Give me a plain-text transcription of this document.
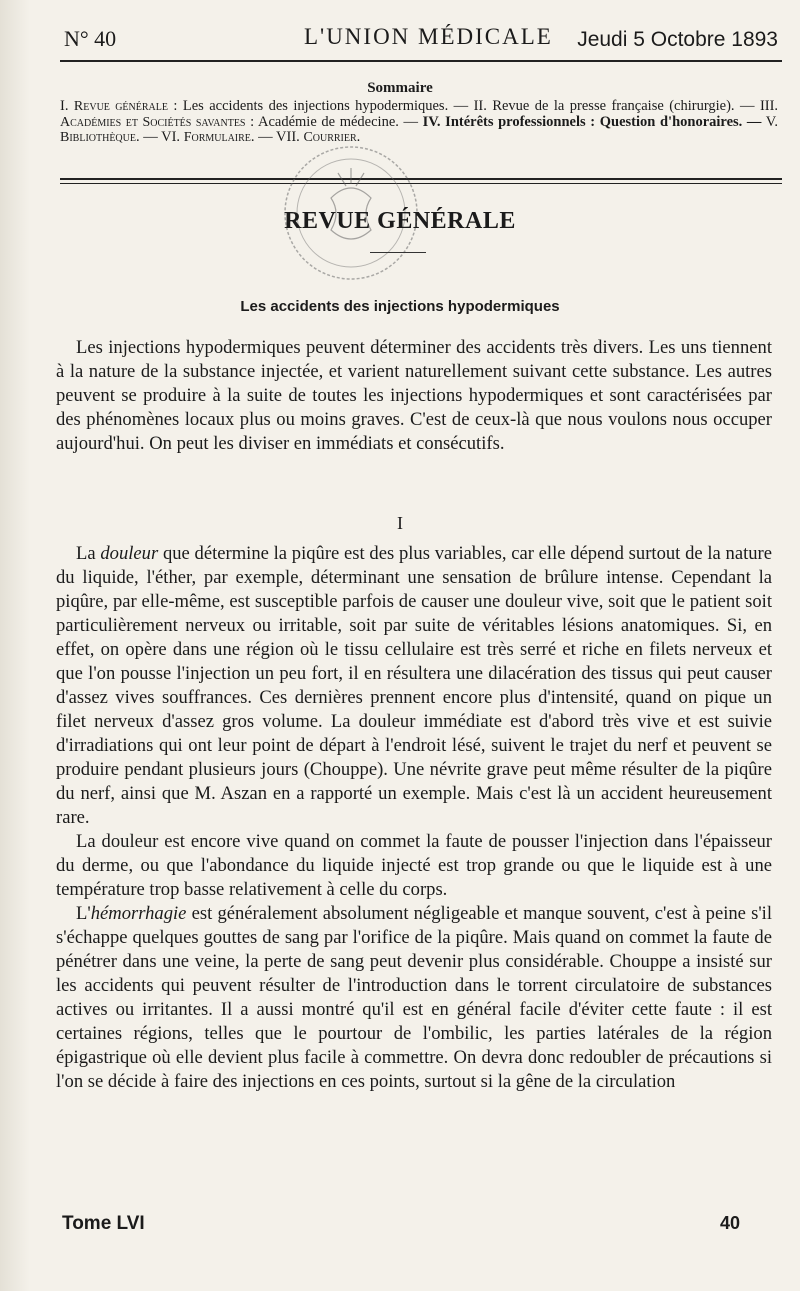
N° 40	L'UNION MÉDICALE Jeudi 5 Octobre 1893
Sommaire
I. Revue générale : Les accidents des injections hypodermiques. — II. Revue de la presse française (chirurgie). — III. Académies et Sociétés savantes : Académie de médecine. — IV. Intérêts professionnels : Question d'honoraires. — V. Bibliothèque. — VI. Formulaire. — VII. Courrier.
REVUE GÉNÉRALE
Les accidents des injections hypodermiques

Les injections hypodermiques peuvent déterminer des accidents très divers. Les uns tiennent à la nature de la substance injectée, et varient naturellement suivant cette substance. Les autres peuvent se produire à la suite de toutes les injections hypodermiques et sont caractérisées par des phénomènes locaux plus ou moins graves. C'est de ceux-là que nous voulons nous occuper aujourd'hui. On peut les diviser en immédiats et consécutifs.

I

La douleur que détermine la piqûre est des plus variables, car elle dépend surtout de la nature du liquide, l'éther, par exemple, déterminant une sensation de brûlure intense. Cependant la piqûre, par elle-même, est susceptible parfois de causer une douleur vive, soit que le patient soit particulièrement nerveux ou irritable, soit par suite de véritables lésions anatomiques. Si, en effet, on opère dans une région où le tissu cellulaire est très serré et riche en filets nerveux et que l'on pousse l'injection un peu fort, il en résultera une dilacération des tissus qui peut causer d'assez vives souffrances. Ces dernières prennent encore plus d'intensité, quand on pique un filet nerveux d'assez gros volume. La douleur immédiate est d'abord très vive et est suivie d'irradiations qui ont leur point de départ à l'endroit lésé, suivent le trajet du nerf et peuvent se produire pendant plusieurs jours (Chouppe). Une névrite grave peut même résulter de la piqûre du nerf, ainsi que M. Aszan en a rapporté un exemple. Mais c'est là un accident heureusement rare.

La douleur est encore vive quand on commet la faute de pousser l'injection dans l'épaisseur du derme, ou que l'abondance du liquide injecté est trop grande ou que le liquide est à une température trop basse relativement à celle du corps.

L'hémorrhagie est généralement absolument négligeable et manque souvent, c'est à peine s'il s'échappe quelques gouttes de sang par l'orifice de la piqûre. Mais quand on commet la faute de pénétrer dans une veine, la perte de sang peut devenir plus considérable. Chouppe a insisté sur les accidents qui peuvent résulter de l'introduction dans le torrent circulatoire de substances actives ou irritantes. Il a aussi montré qu'il est en général facile d'éviter cette faute : il est certaines régions, telles que le pourtour de l'ombilic, les parties latérales de la région épigastrique où elle devient plus facile à commettre. On devra donc redoubler de précautions si l'on se décide à faire des injections en ces points, surtout si la gêne de la circulation

Tome LVI	40
